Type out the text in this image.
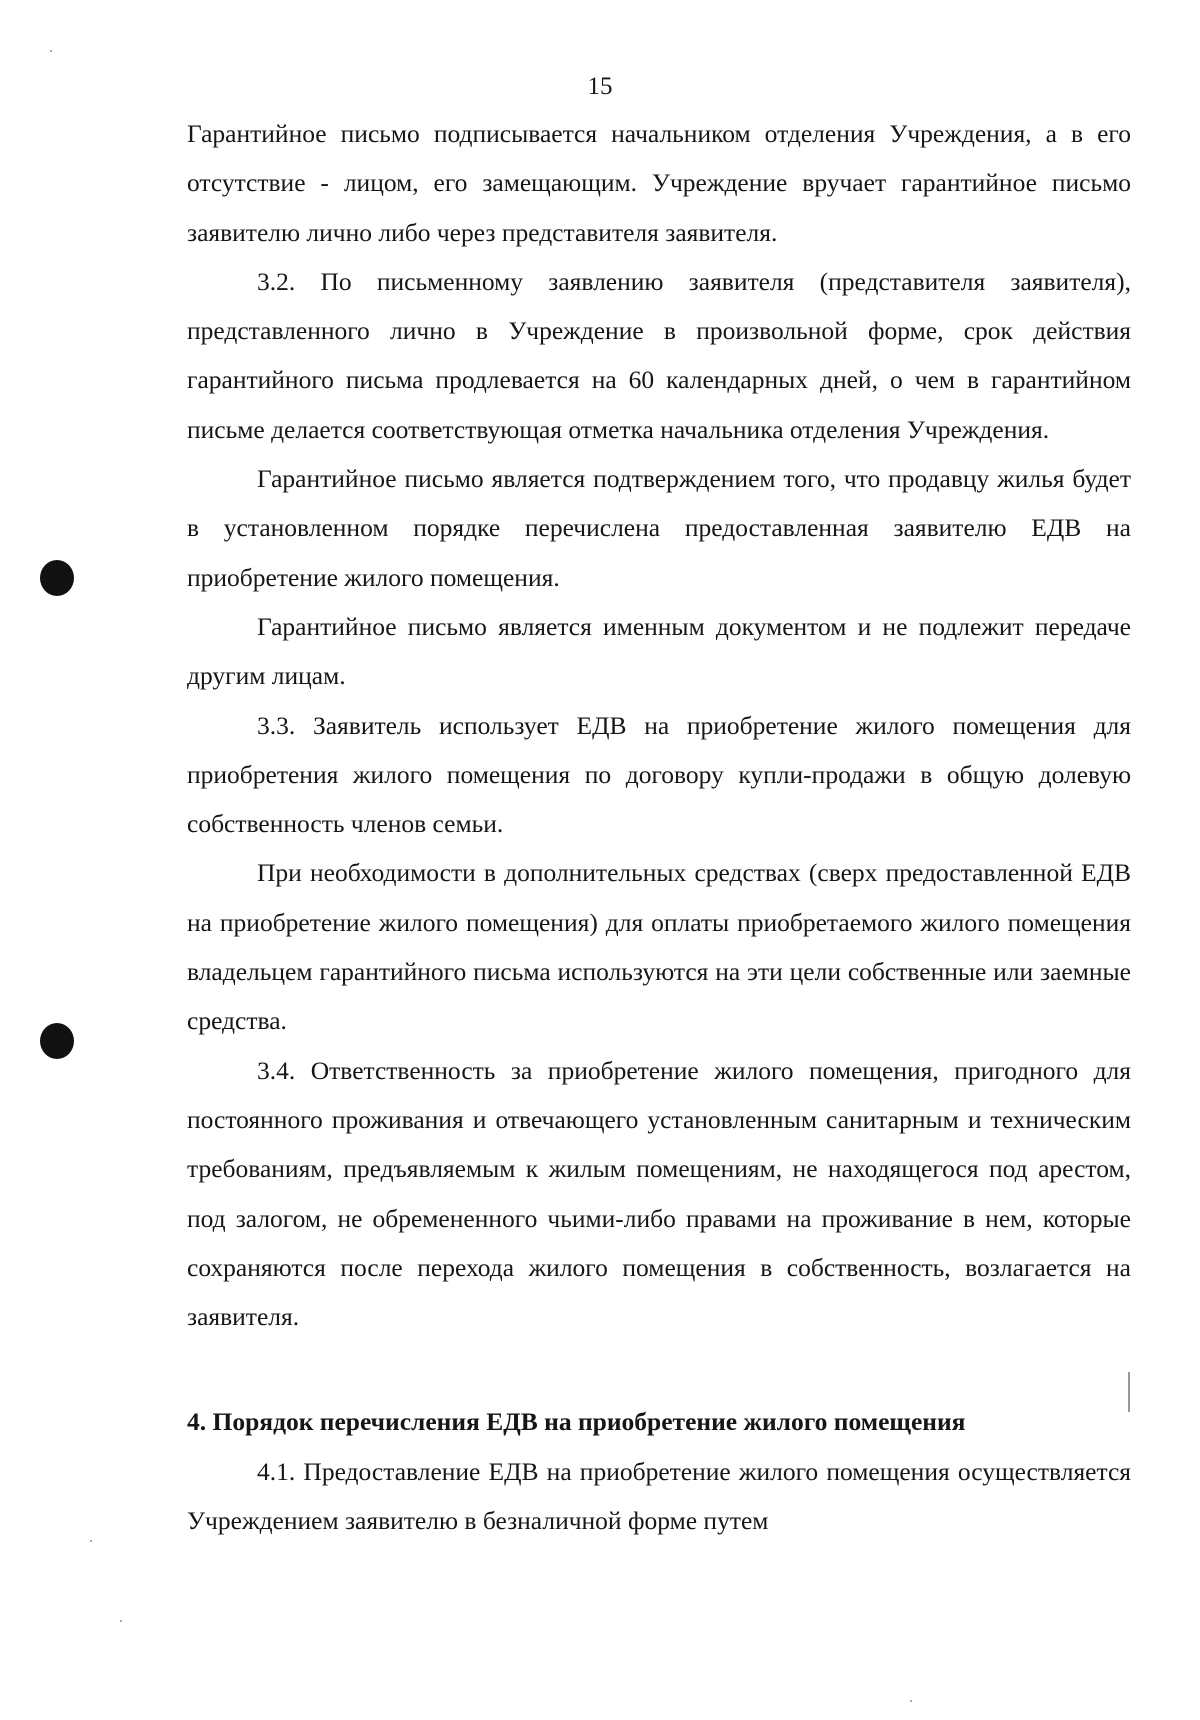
15

Гарантийное письмо подписывается начальником отделения Учреждения, а в его отсутствие - лицом, его замещающим. Учреждение вручает гарантийное письмо заявителю лично либо через представителя заявителя.

3.2. По письменному заявлению заявителя (представителя заявителя), представленного лично в Учреждение в произвольной форме, срок действия гарантийного письма продлевается на 60 календарных дней, о чем в гарантийном письме делается соответствующая отметка начальника отделения Учреждения.

Гарантийное письмо является подтверждением того, что продавцу жилья будет в установленном порядке перечислена предоставленная заявителю ЕДВ на приобретение жилого помещения.

Гарантийное письмо является именным документом и не подлежит передаче другим лицам.

3.3. Заявитель использует ЕДВ на приобретение жилого помещения для приобретения жилого помещения по договору купли-продажи в общую долевую собственность членов семьи.

При необходимости в дополнительных средствах (сверх предоставленной ЕДВ на приобретение жилого помещения) для оплаты приобретаемого жилого помещения владельцем гарантийного письма используются на эти цели собственные или заемные средства.

3.4. Ответственность за приобретение жилого помещения, пригодного для постоянного проживания и отвечающего установленным санитарным и техническим требованиям, предъявляемым к жилым помещениям, не находящегося под арестом, под залогом, не обремененного чьими-либо правами на проживание в нем, которые сохраняются после перехода жилого помещения в собственность, возлагается на заявителя.

4. Порядок перечисления ЕДВ на приобретение жилого помещения

4.1. Предоставление ЕДВ на приобретение жилого помещения осуществляется Учреждением заявителю в безналичной форме путем
